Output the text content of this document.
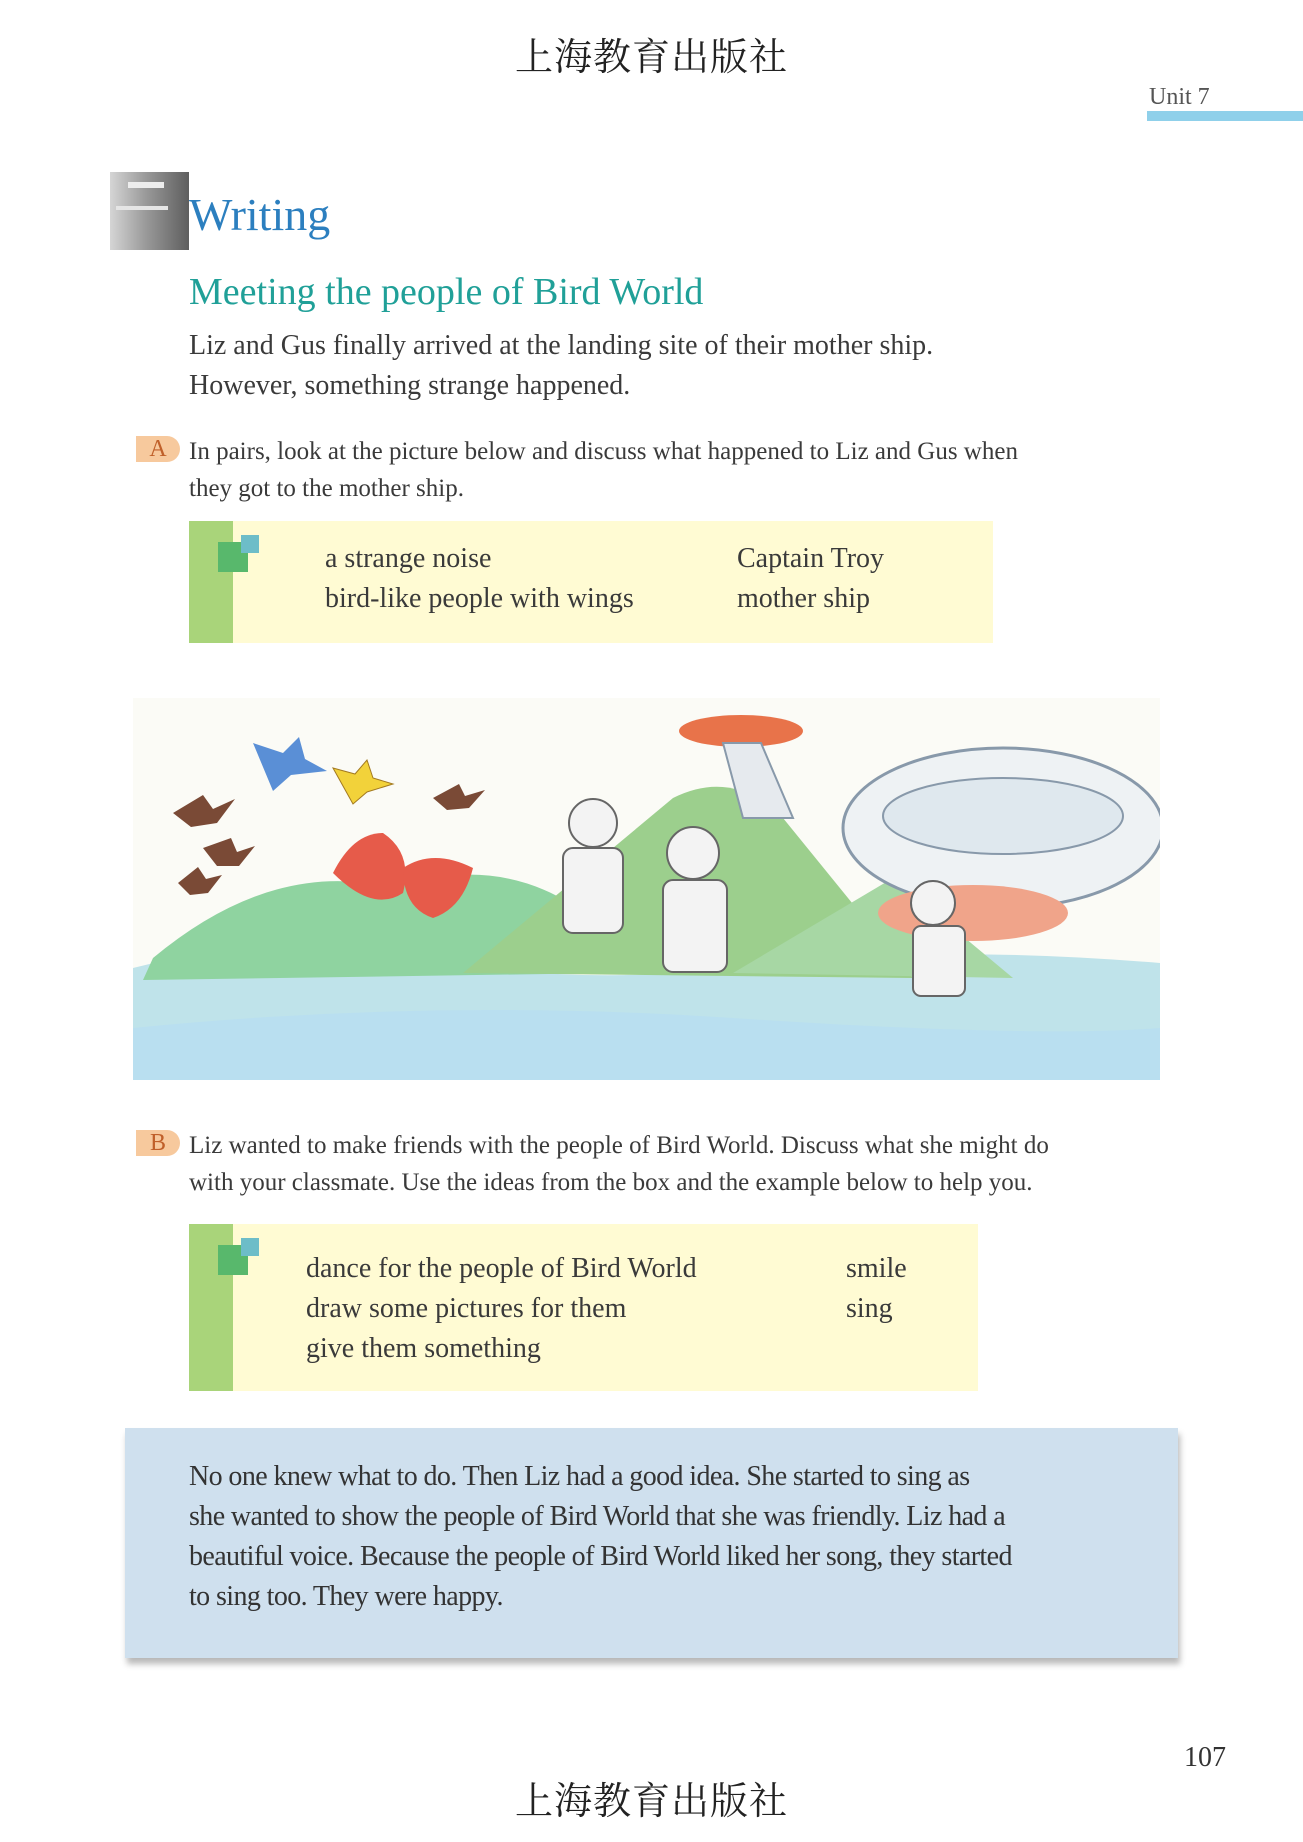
上海教育出版社
Unit 7
Writing
Meeting the people of Bird World
Liz and Gus finally arrived at the landing site of their mother ship.
However, something strange happened.
A In pairs, look at the picture below and discuss what happened to Liz and Gus when
they got to the mother ship.
a strange noise	Captain Troy
bird-like people with wings	mother ship
B Liz wanted to make friends with the people of Bird World. Discuss what she might do
with your classmate. Use the ideas from the box and the example below to help you.
dance for the people of Bird World	smile
draw some pictures for them	sing
give them something
No one knew what to do. Then Liz had a good idea. She started to sing as
she wanted to show the people of Bird World that she was friendly. Liz had a
beautiful voice. Because the people of Bird World liked her song, they started
to sing too. They were happy.
107
上海教育出版社
